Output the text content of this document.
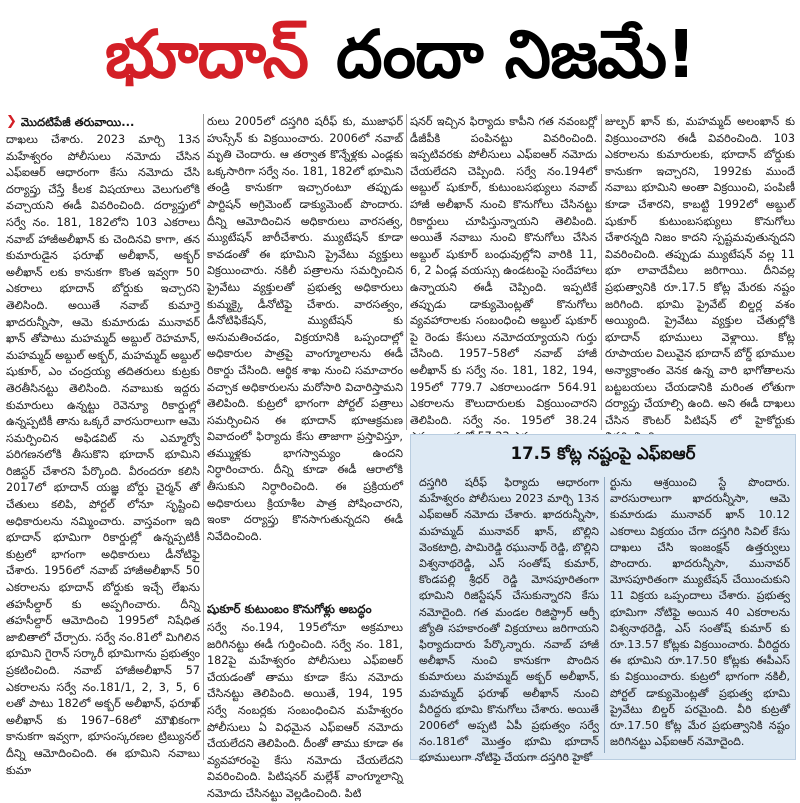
భూదాన్ దందా నిజమే!
❯ మొదటిపేజీ తరువాయి...
దాఖలు చేశారు. 2023 మార్చి 13న మహేశ్వరం పోలీసులు నమోదు చేసిన ఎఫ్ఐఆర్ ఆధారంగా కేసు నమోదు చేసి దర్యాప్తు చేస్తే కీలక విషయాలు వెలుగులోకి వచ్చాయని ఈడీ వివరించింది. దర్యాప్తులో సర్వే నం. 181, 182లోని 103 ఎకరాలు నవాబ్ హాజీఅలీఖాన్ కు చెందినవి కాగా, తన కుమారుడైన ఫరూఖ్ అలీఖాన్, అక్బర్ అలీఖాన్ లకు కానుకగా కొంత ఇవ్వగా 50 ఎకరాలు భూదాన్ బోర్డుకు ఇచ్చారని తెలిసింది. అయితే నవాబ్ కుమార్తె ఖాదరున్నీసా, ఆమె కుమారుడు మునావర్ ఖాన్ తోపాటు మహమ్మద్ అబ్దుల్ రెహమాన్, మహమ్మద్ అబ్దుల్ అక్బర్, మహమ్మద్ అబ్దుల్ షుకూర్, ఎం చంద్రయ్య తదితరులు కుట్రకు తెరతీసినట్టు తెలిసింది. నవాబుకు ఇద్దరు కుమారులు ఉన్నట్టు రెవెన్యూ రికార్డుల్లో ఉన్నప్పటికీ తాను ఒక్కరే వారసురాలుగా ఆమె సమర్పించిన అఫిడవిట్ ను ఎమ్మార్వో పరిగణనలోకి తీసుకొని భూదాన్ భూమిని రిజిస్టర్ చేశారని పేర్కొంది. వీరందరూ కలిసి 2017లో భూదాన్ యజ్ఞ బోర్డు చైర్మన్ తో చేతులు కలిపి, పోర్టల్ లోనూ సృష్టించి అధికారులను నమ్మించారు. వాస్తవంగా ఇది భూదాన్ భూమిగా రికార్డుల్లో ఉన్నప్పటికీ కుట్రలో భాగంగా అధికారులు డీనోటిఫై చేశారు. 1956లో నవాబ్ హాజీఅలీఖాన్ 50 ఎకరాలను భూదాన్ బోర్డుకు ఇచ్చే లేఖను తహసీల్దార్ కు అప్పగించారు. దీన్ని తహసీల్దార్ ఆమోదించి 1995లో నిషేధిత జాబితాలో చేర్చారు. సర్వే నం.81లో మిగిలిన భూమిని గైరాన్ సర్కారీ భూమిగాను ప్రభుత్వం ప్రకటించింది. నవాబ్ హాజీఅలీఖాన్ 57 ఎకరాలను సర్వే నం.181/1, 2, 3, 5, 6 లతో పాటు 182లో అక్బర్ అలీఖాన్, ఫరూఖ్ అలీఖాన్ కు 1967–68లో మౌఖికంగా కానుకగా ఇవ్వగా, భూసంస్కరణల ట్రిబ్యునల్ దీన్ని ఆమోదించింది. ఈ భూమిని నవాబు కుమా
రులు 2005లో దస్తగిరి షరీఫ్ కు, ముజాఫర్ హుస్సేన్ కు విక్రయించారు. 2006లో నవాబ్ మృతి చెందారు. ఆ తర్వాత కొన్నేళ్లకు ఎండ్లకు ఒక్కసారిగా సర్వే నం. 181, 182లో భూమిని తండ్రి కానుకగా ఇచ్చారంటూ తప్పుడు పార్టిషన్ అగ్రిమెంట్ డాక్యుమెంట్ పొందారు. దీన్ని ఆమోదించిన అధికారులు వారసత్వ, మ్యుటేషన్ జారీచేశారు. మ్యుటేషన్ కూడా కావడంతో ఈ భూమిని ప్రైవేటు వ్యక్తులు విక్రయించారు. నకిలీ పత్రాలను సమర్పించిన ప్రైవేటు వ్యక్తులతో ప్రభుత్వ అధికారులు కుమ్మక్కై డీనోటిఫై చేశారు. వారసత్వం, డీనోటిఫికేషన్, మ్యుటేషన్ కు అనుమతించడం, విక్రయానికి ఒప్పందాల్లో అధికారుల పాత్రపై వాంగ్మూలాలను ఈడీ రికార్డు చేసింది. ఆర్థిక శాఖ నుంచి సమాచారం వచ్చాక అధికారులను మరోసారి విచారిస్తామని తెలిపింది. కుట్రలో భాగంగా పోర్టల్ పత్రాలు సమర్పించిన ఈ భూదాన్ భూఆక్రమణ వివాదంలో ఫిర్యాదు కేసు తాజాగా ప్రస్తావిస్తూ, తమ్ముళ్లకు భాగస్వామ్యం ఉందని నిర్ధారించారు. దీన్ని కూడా ఈడీ ఆరాలోకి తీసుకుని నిర్ధారించింది. ఈ ప్రక్రియలో అధికారులు క్రియాశీల పాత్ర పోషించారని, ఇంకా దర్యాప్తు కొనసాగుతున్నదని ఈడీ నివేదించింది.
షుకూర్ కుటుంబం కొనుగోళ్లు అబద్ధం
సర్వే నం.194, 195లోనూ అక్రమాలు జరిగినట్టు ఈడీ గుర్తించింది. సర్వే నం. 181, 182పై మహేశ్వరం పోలీసులు ఎఫ్ఐఆర్ చేయడంతో తాము కూడా కేసు నమోదు చేసినట్టు తెలిపింది. అయితే, 194, 195 సర్వే నంబర్లకు సంబంధించిన మహేశ్వరం పోలీసులు ఏ విధమైన ఎఫ్ఐఆర్ నమోదు చేయలేదని తెలిపింది. దీంతో తాము కూడా ఈ వ్యవహారంపై కేసు నమోదు చేయలేదని వివరించింది. పిటిషనర్ మల్లేశ్ వాంగ్మూలాన్ని నమోదు చేసినట్టు వెల్లడించింది. పిటి
షనర్ ఇచ్చిన ఫిర్యాదు కాపీని గత నవంబర్లో డీజీపీకి పంపినట్టు వివరించింది. ఇప్పటివరకు పోలీసులు ఎఫ్ఐఆర్ నమోదు చేయలేదని చెప్పింది. సర్వే నం.194లో అబ్దుల్ షుకూర్, కుటుంబసభ్యులు నవాబ్ హాజీ అలీఖాన్ నుంచి కొనుగోలు చేసినట్టు రికార్డులు చూపిస్తున్నాయని తెలిపింది. అయితే నవాబు నుంచి కొనుగోలు చేసిన అబ్దుల్ షుకూర్ బంధువుల్లోని వారికి 11, 6, 2 ఏండ్ల వయస్సు ఉండటంపై సందేహాలు ఉన్నాయని ఈడీ చెప్పింది. ఇప్పటికే తప్పుడు డాక్యుమెంట్లతో కొనుగోలు వ్యవహారాలకు సంబంధించి అబ్దుల్ షుకూర్ పై రెండు కేసులు నమోదయ్యాయని గుర్తు చేసింది. 1957–58లో నవాబ్ హాజీ అలీఖాన్ కు సర్వే నం. 181, 182, 194, 195లో 779.7 ఎకరాలుండగా 564.91 ఎకరాలను కౌలుదారులకు విక్రయించారని తెలిపింది. సర్వే నం. 195లో 38.24
జుల్ఫర్ ఖాన్ కు, మహమ్మద్ అలంఖాన్ కు విక్రయించారని ఈడీ వివరించింది. 103 ఎకరాలను కుమారులకు, భూదాన్ బోర్డుకు కానుకగా ఇచ్చారని, 1992కు ముందే నవాబు భూమిని అంతా విక్రయించి, పంపిణీ కూడా చేశారని, కాబట్టి 1992లో అబ్దుల్ షుకూర్ కుటుంబసభ్యులు కొనుగోలు చేశారన్నది నిజం కాదని స్పష్టమవుతున్నదని వివరించింది. తప్పుడు మ్యుటేషన్ వల్ల 11 భూ లావాదేవీలు జరిగాయి. దీనివల్ల ప్రభుత్వానికి రూ.17.5 కోట్ల మేరకు నష్టం జరిగింది. భూమి ప్రైవేట్ బిల్డర్ల వశం అయ్యింది. ప్రైవేటు వ్యక్తుల చేతుల్లోకి భూదాన్ భూములు వెళ్లాయి. కోట్ల రూపాయల విలువైన భూదాన్ బోర్డ్ భూముల అన్యాక్రాంతం వెనక ఉన్న వారి భాగోతాలను బట్టబయలు చేయడానికి మరింత లోతుగా దర్యాప్తు చేయాల్సి ఉంది. అని ఈడీ దాఖలు చేసిన కౌంటర్ పిటిషన్ లో హైకోర్టుకు
17.5 కోట్ల నష్టంపై ఎఫ్ఐఆర్
దస్తగిరి షరీఫ్ ఫిర్యాదు ఆధారంగా మహేశ్వరం పోలీసులు 2023 మార్చి 13న ఎఫ్ఐఆర్ నమోదు చేశారు. ఖాదరున్నీసా, మహమ్మద్ మునావర్ ఖాన్, బొల్లిని వెంకటాద్రి, పామిరెడ్డి రఘునాథ్ రెడ్డి, బొల్లిని విశ్వనాథరెడ్డి, ఎస్ సంతోష్ కుమార్, కొండపల్లి శ్రీధర్ రెడ్డి మోసపూరితంగా భూమిని రిజిస్టేషన్ చేసుకున్నారని కేసు నమోదైంది. గత మండల రిజిస్ట్రార్ ఆర్పీ జ్యోతి సహకారంతో విక్రయాలు జరిగాయని ఫిర్యాదుదారు పేర్కొన్నారు. నవాబ్ హాజీ అలీఖాన్ నుంచి కానుకగా పొందిన కుమారులు మహమ్మద్ అక్బర్ అలీఖాన్, మహమ్మద్ ఫరూఖ్ అలీఖాన్ నుంచి వీరిద్దరు భూమి కొనుగోలు చేశారు. అయితే 2006లో అప్పటి ఏపీ ప్రభుత్వం సర్వే నం.181లో మొత్తం భూమి భూదాన్ భూములుగా నోటిఫై చేయగా దస్తగిరి హైకో
ర్టును ఆశ్రయించి స్టే పొందారు. వారసురాలుగా ఖాదరున్నీసా, ఆమె కుమారుడు మునావర్ ఖాన్ 10.12 ఎకరాలు విక్రయం చేగా దస్తగిరి సివిల్ కేసు దాఖలు చేసి ఇంజంక్షన్ ఉత్తర్వులు పొందారు. ఖాదరున్నీసా, మునావర్ మోసపూరితంగా మ్యుటేషన్ చేయించుకుని 11 విక్రయ ఒప్పందాలు చేశారు. ప్రభుత్వ భూమిగా నోటిఫై అయిన 40 ఎకరాలను విశ్వనాథరెడ్డి, ఎస్ సంతోష్ కుమార్ కు రూ.13.57 కోట్లకు విక్రయించారు. వీరిద్దరు ఈ భూమిని రూ.17.50 కోట్లకు ఈపీఎస్ కు విక్రయించారు. కుట్రలో భాగంగా నకిలీ, పోర్టల్ డాక్యుమెంట్లతో ప్రభుత్వ భూమి ప్రైవేటు బిల్డర్ పరమైంది. వీరి కుట్రతో రూ.17.50 కోట్ల మేర ప్రభుత్వానికి నష్టం జరిగినట్టు ఎఫ్ఐఆర్ నమోదైంది.
